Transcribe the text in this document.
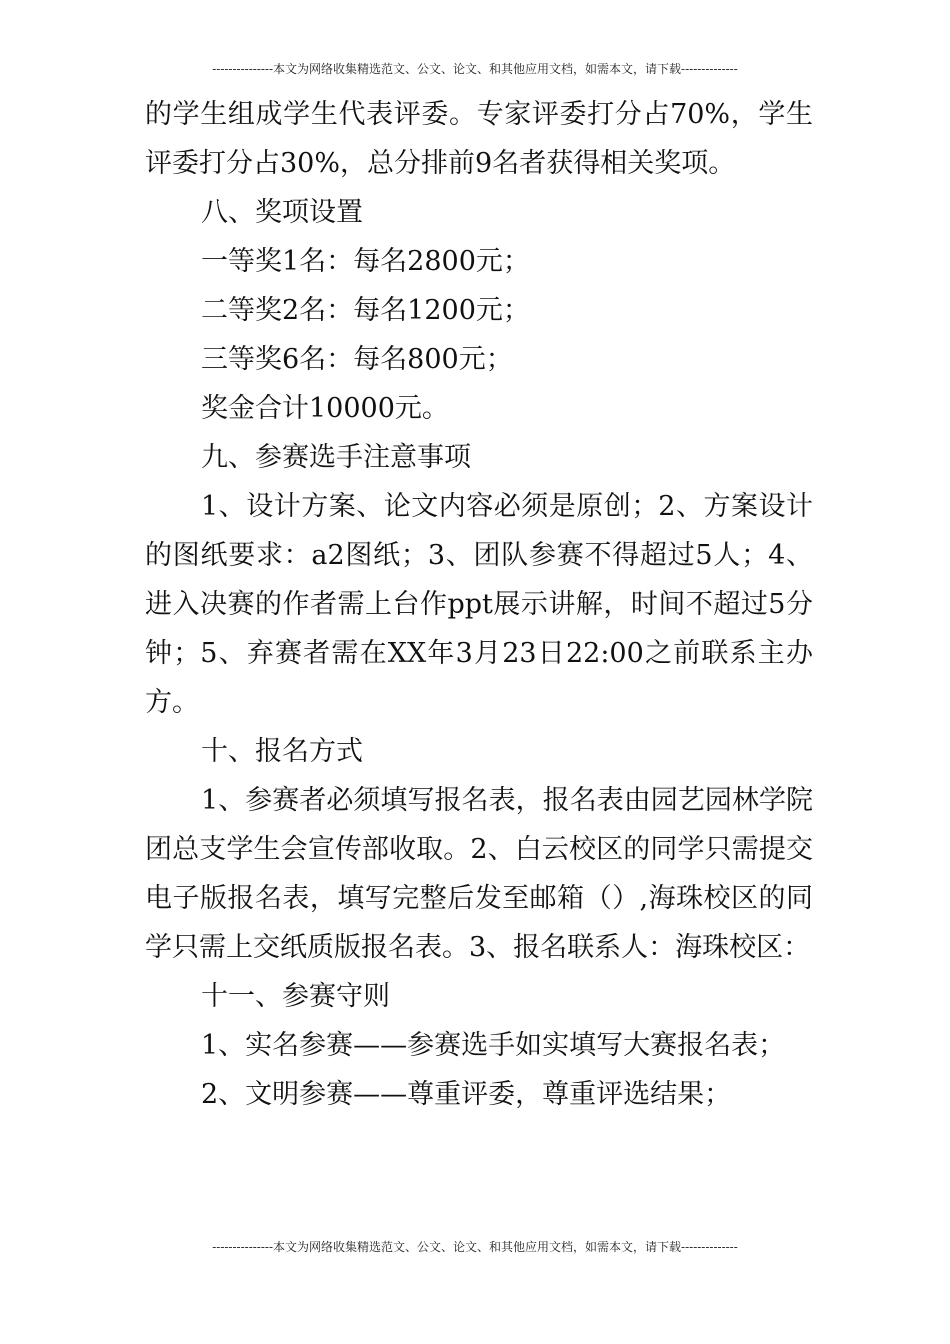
---------------本文为网络收集精选范文、公文、论文、和其他应用文档，如需本文，请下载--------------

的学生组成学生代表评委。专家评委打分占70%，学生评委打分占30%，总分排前9名者获得相关奖项。

八、奖项设置

一等奖1名：每名2800元；

二等奖2名：每名1200元；

三等奖6名：每名800元；

奖金合计10000元。

九、参赛选手注意事项

1、设计方案、论文内容必须是原创；2、方案设计的图纸要求：a2图纸；3、团队参赛不得超过5人；4、进入决赛的作者需上台作ppt展示讲解，时间不超过5分钟；5、弃赛者需在XX年3月23日22:00之前联系主办方。

十、报名方式

1、参赛者必须填写报名表，报名表由园艺园林学院团总支学生会宣传部收取。2、白云校区的同学只需提交电子版报名表，填写完整后发至邮箱（）,海珠校区的同学只需上交纸质版报名表。3、报名联系人：海珠校区：

十一、参赛守则

1、实名参赛——参赛选手如实填写大赛报名表；

2、文明参赛——尊重评委，尊重评选结果；

---------------本文为网络收集精选范文、公文、论文、和其他应用文档，如需本文，请下载--------------
